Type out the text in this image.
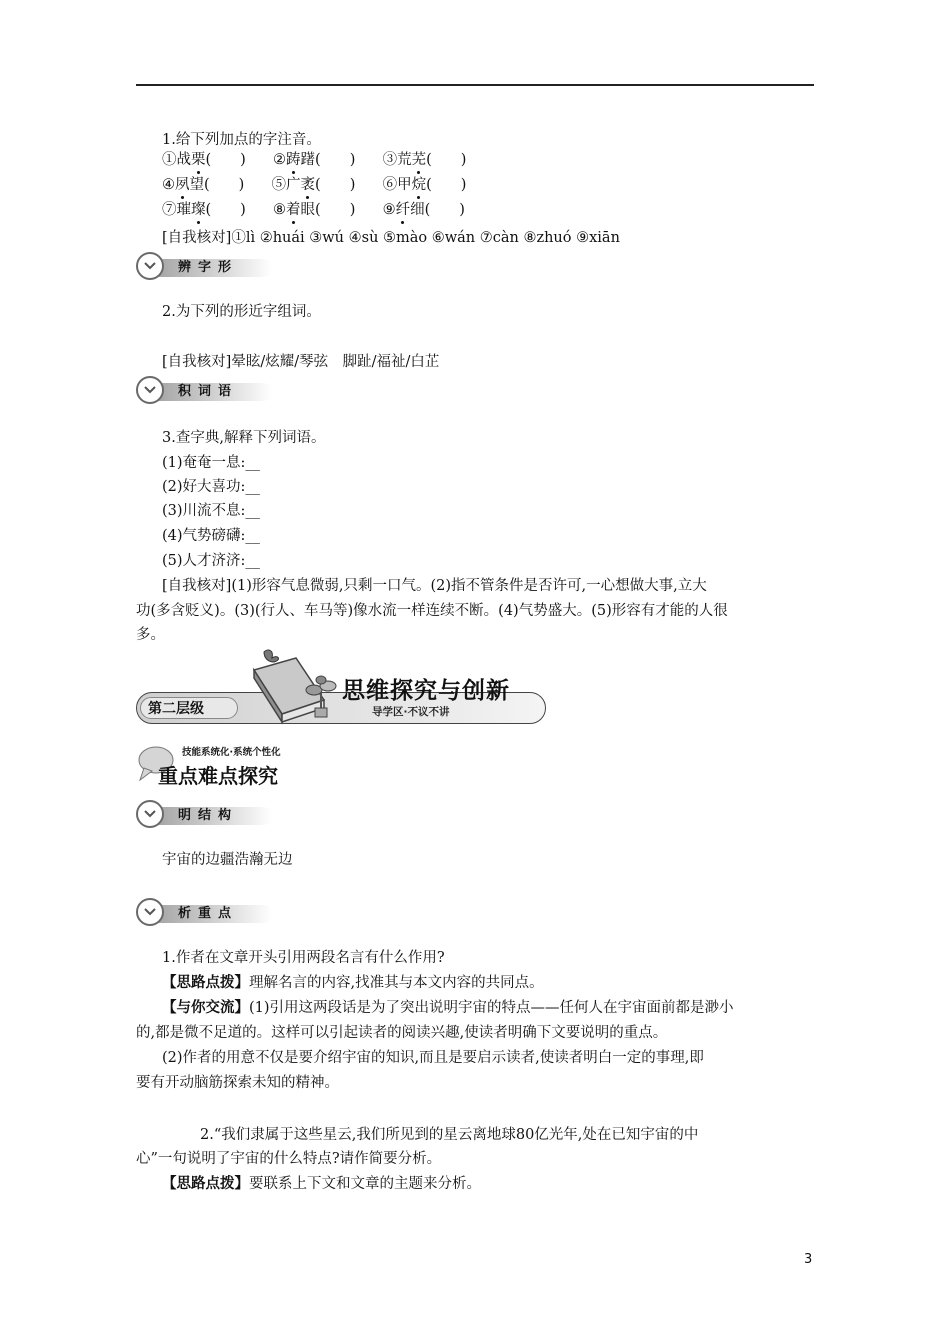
1.给下列加点的字注音。
①战栗(　　) ②踌躇(　　) ③荒芜(　　)
④夙望(　　) ⑤广袤(　　) ⑥甲烷(　　)
⑦璀璨(　　) ⑧着眼(　　) ⑨纤细(　　)
[自我核对]①lì ②huái ③wú ④sù ⑤mào ⑥wán ⑦càn ⑧zhuó ⑨xiān
辨字形
2.为下列的形近字组词。
[自我核对]晕眩/炫耀/琴弦　脚趾/福祉/白芷
积词语
3.查字典,解释下列词语。
(1)奄奄一息:__
(2)好大喜功:__
(3)川流不息:__
(4)气势磅礴:__
(5)人才济济:__
[自我核对](1)形容气息微弱,只剩一口气。(2)指不管条件是否许可,一心想做大事,立大
功(多含贬义)。(3)(行人、车马等)像水流一样连续不断。(4)气势盛大。(5)形容有才能的人很
多。
第二层级
思维探究与创新
导学区·不议不讲
技能系统化·系统个性化
重点难点探究
明结构
宇宙的边疆浩瀚无边
析重点
1.作者在文章开头引用两段名言有什么作用?
【思路点拨】理解名言的内容,找准其与本文内容的共同点。
【与你交流】(1)引用这两段话是为了突出说明宇宙的特点——任何人在宇宙面前都是渺小
的,都是微不足道的。这样可以引起读者的阅读兴趣,使读者明确下文要说明的重点。
(2)作者的用意不仅是要介绍宇宙的知识,而且是要启示读者,使读者明白一定的事理,即
要有开动脑筋探索未知的精神。
2.“我们隶属于这些星云,我们所见到的星云离地球80亿光年,处在已知宇宙的中
心”一句说明了宇宙的什么特点?请作简要分析。
【思路点拨】要联系上下文和文章的主题来分析。
3
